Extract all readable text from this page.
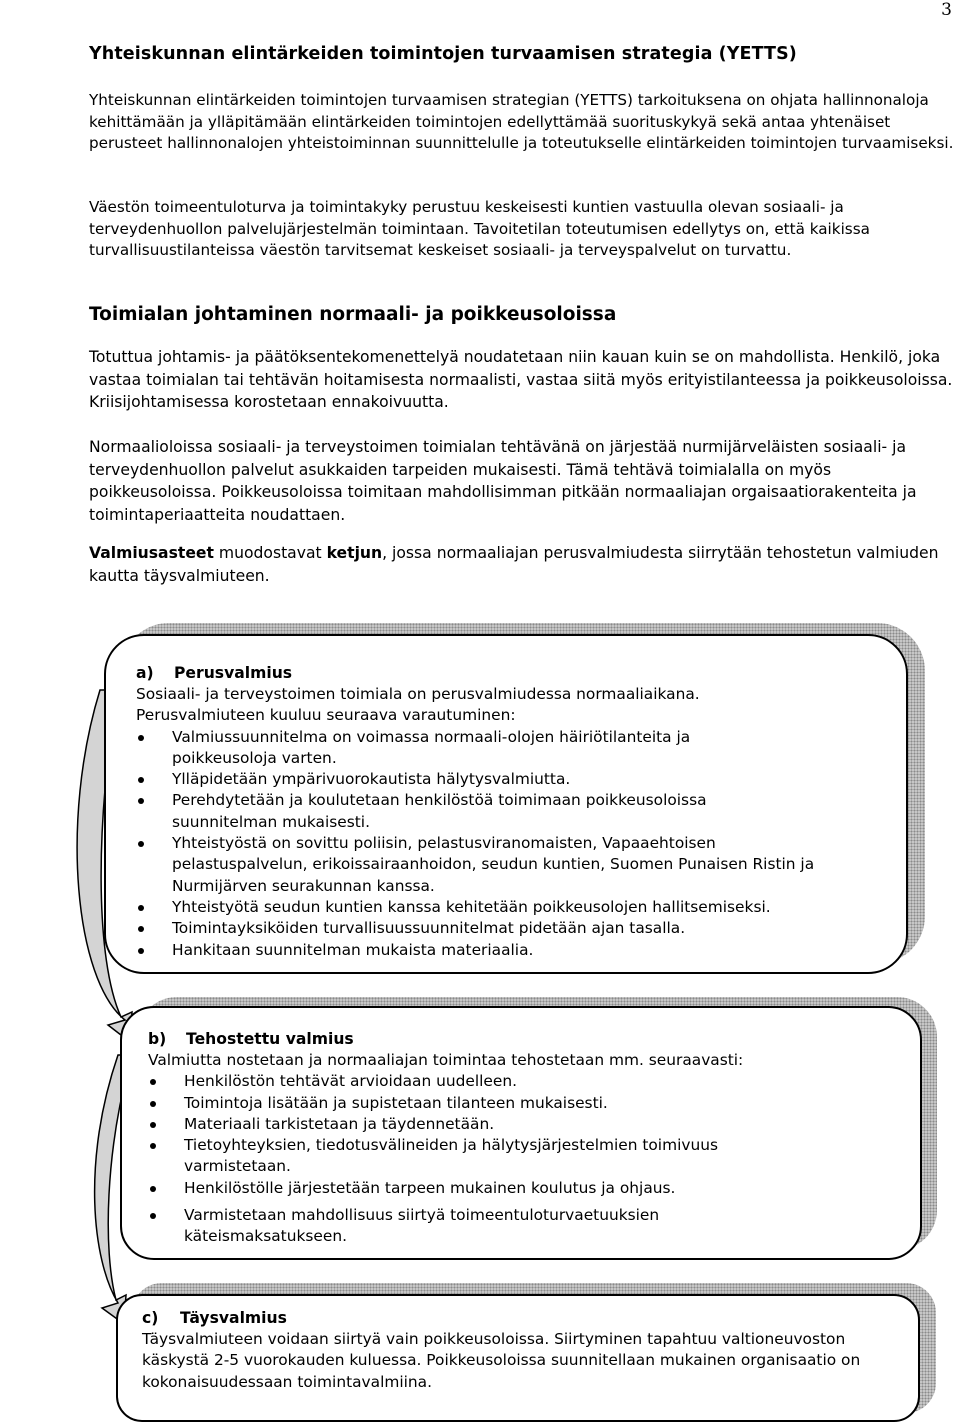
3
Yhteiskunnan elintärkeiden toimintojen turvaamisen strategia (YETTS)
Yhteiskunnan elintärkeiden toimintojen turvaamisen strategian (YETTS) tarkoituksena on ohjata hallinnonaloja kehittämään ja ylläpitämään elintärkeiden toimintojen edellyttämää suorituskykyä sekä antaa yhtenäiset perusteet hallinnonalojen yhteistoiminnan suunnittelulle ja toteutukselle elintärkeiden toimintojen turvaamiseksi.
Väestön toimeentuloturva ja toimintakyky perustuu keskeisesti kuntien vastuulla olevan sosiaali- ja terveydenhuollon palvelujärjestelmän toimintaan. Tavoitetilan toteutumisen edellytys on, että kaikissa turvallisuustilanteissa väestön tarvitsemat keskeiset sosiaali- ja terveyspalvelut on turvattu.
Toimialan johtaminen normaali- ja poikkeusoloissa
Totuttua johtamis- ja päätöksentekomenettelyä noudatetaan niin kauan kuin se on mahdollista. Henkilö, joka vastaa toimialan tai tehtävän hoitamisesta normaalisti, vastaa siitä myös erityistilanteessa ja poikkeusoloissa. Kriisijohtamisessa korostetaan ennakoivuutta.
Normaalioloissa sosiaali- ja terveystoimen toimialan tehtävänä on järjestää nurmijärveläisten sosiaali- ja terveydenhuollon palvelut asukkaiden tarpeiden mukaisesti. Tämä tehtävä toimialalla on myös poikkeusoloissa. Poikkeusoloissa toimitaan mahdollisimman pitkään normaaliajan orgaisaatiorakenteita ja toimintaperiaatteita noudattaen.
Valmiusasteet muodostavat ketjun, jossa normaaliajan perusvalmiudesta siirrytään tehostetun valmiuden kautta täysvalmiuteen.
a) Perusvalmius
Sosiaali- ja terveystoimen toimiala on perusvalmiudessa normaaliaikana.
Perusvalmiuteen kuuluu seuraava varautuminen:
Valmiussuunnitelma on voimassa normaali-olojen häiriötilanteita ja poikkeusoloja varten.
Ylläpidetään ympärivuorokautista hälytysvalmiutta.
Perehdytetään ja koulutetaan henkilöstöä toimimaan poikkeusoloissa suunnitelman mukaisesti.
Yhteistyöstä on sovittu poliisin, pelastusviranomaisten, Vapaaehtoisen pelastuspalvelun, erikoissairaanhoidon, seudun kuntien, Suomen Punaisen Ristin ja Nurmijärven seurakunnan kanssa.
Yhteistyötä seudun kuntien kanssa kehitetään poikkeusolojen hallitsemiseksi.
Toimintayksiköiden turvallisuussuunnitelmat pidetään ajan tasalla.
Hankitaan suunnitelman mukaista materiaalia.
b) Tehostettu valmius
Valmiutta nostetaan ja normaaliajan toimintaa tehostetaan mm. seuraavasti:
Henkilöstön tehtävät arvioidaan uudelleen.
Toimintoja lisätään ja supistetaan tilanteen mukaisesti.
Materiaali tarkistetaan ja täydennetään.
Tietoyhteyksien, tiedotusvälineiden ja hälytysjärjestelmien toimivuus varmistetaan.
Henkilöstölle järjestetään tarpeen mukainen koulutus ja ohjaus.
Varmistetaan mahdollisuus siirtyä toimeentuloturvaetuuksien käteismaksatukseen.
c) Täysvalmius
Täysvalmiuteen voidaan siirtyä vain poikkeusoloissa. Siirtyminen tapahtuu valtioneuvoston käskystä 2-5 vuorokauden kuluessa. Poikkeusoloissa suunnitellaan mukainen organisaatio on kokonaisuudessaan toimintavalmiina.
